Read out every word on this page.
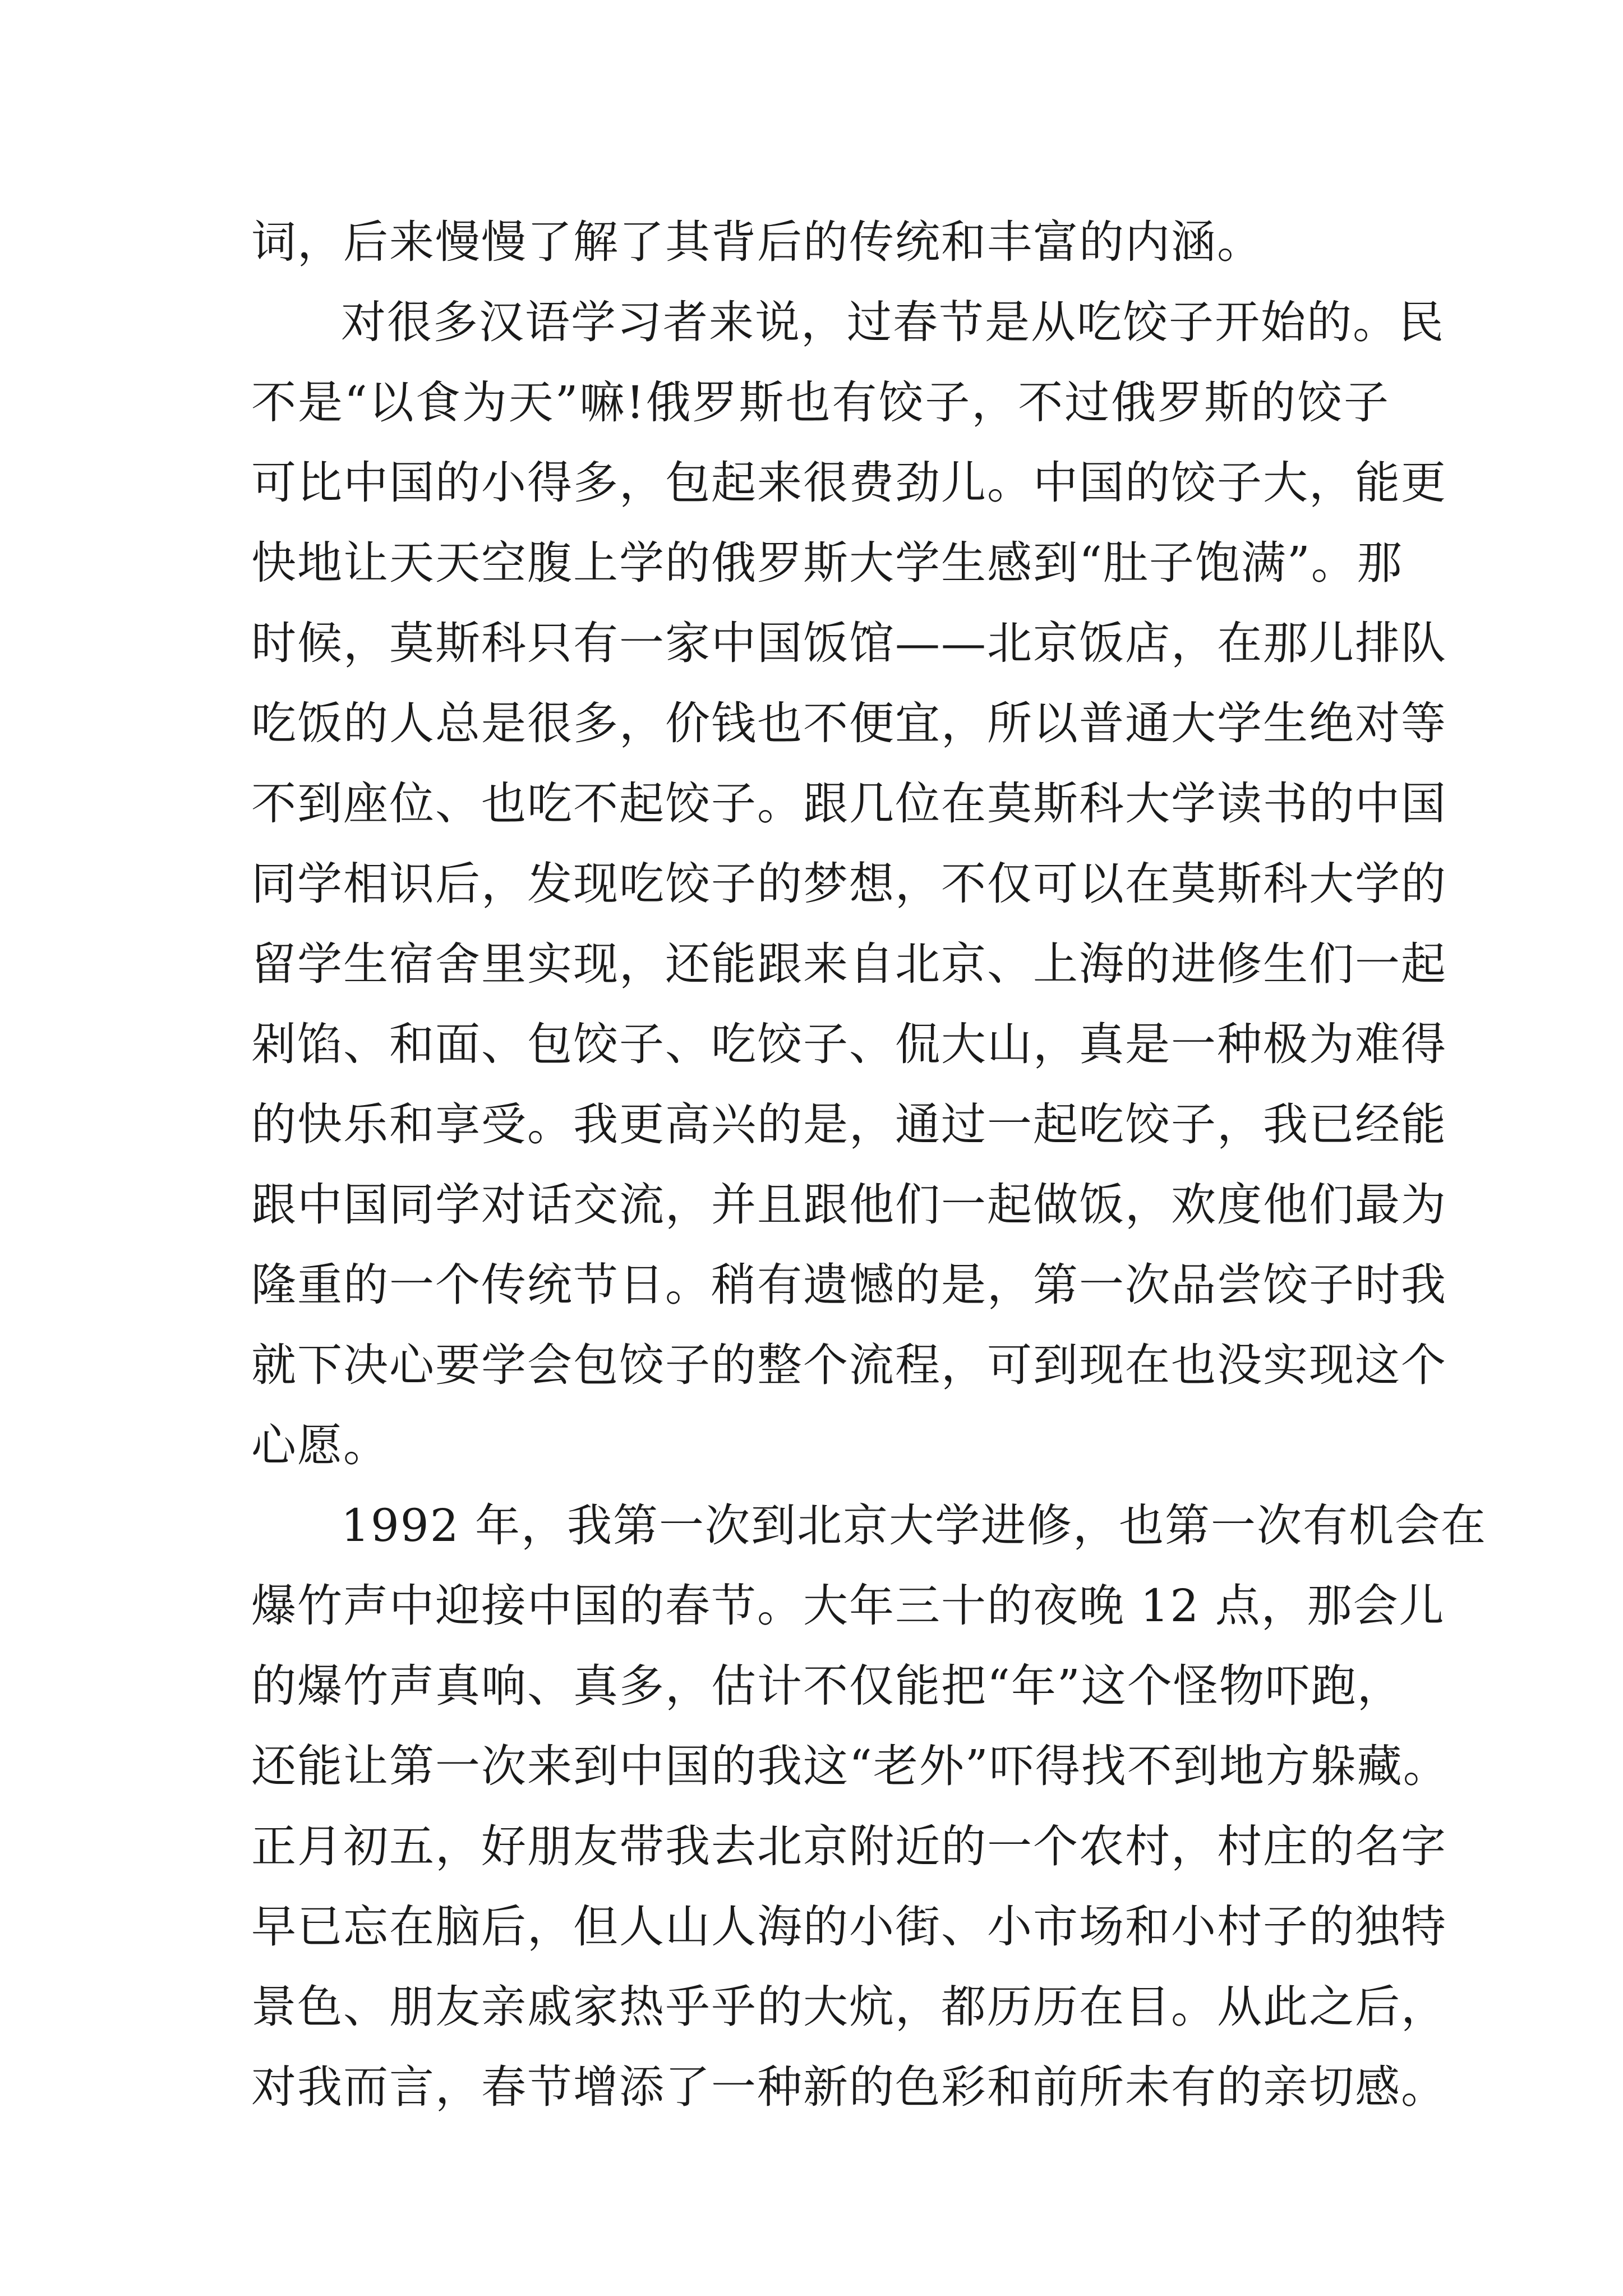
词，后来慢慢了解了其背后的传统和丰富的内涵。

对很多汉语学习者来说，过春节是从吃饺子开始的。民
不是“以食为天”嘛!俄罗斯也有饺子，不过俄罗斯的饺子
可比中国的小得多，包起来很费劲儿。中国的饺子大，能更
快地让天天空腹上学的俄罗斯大学生感到“肚子饱满”。那
时候，莫斯科只有一家中国饭馆——北京饭店，在那儿排队
吃饭的人总是很多，价钱也不便宜，所以普通大学生绝对等
不到座位、也吃不起饺子。跟几位在莫斯科大学读书的中国
同学相识后，发现吃饺子的梦想，不仅可以在莫斯科大学的
留学生宿舍里实现，还能跟来自北京、上海的进修生们一起
剁馅、和面、包饺子、吃饺子、侃大山，真是一种极为难得
的快乐和享受。我更高兴的是，通过一起吃饺子，我已经能
跟中国同学对话交流，并且跟他们一起做饭，欢度他们最为
隆重的一个传统节日。稍有遗憾的是，第一次品尝饺子时我
就下决心要学会包饺子的整个流程，可到现在也没实现这个
心愿。

1992 年，我第一次到北京大学进修，也第一次有机会在
爆竹声中迎接中国的春节。大年三十的夜晚 12 点，那会儿
的爆竹声真响、真多，估计不仅能把“年”这个怪物吓跑，
还能让第一次来到中国的我这“老外”吓得找不到地方躲藏。
正月初五，好朋友带我去北京附近的一个农村，村庄的名字
早已忘在脑后，但人山人海的小街、小市场和小村子的独特
景色、朋友亲戚家热乎乎的大炕，都历历在目。从此之后，
对我而言，春节增添了一种新的色彩和前所未有的亲切感。
